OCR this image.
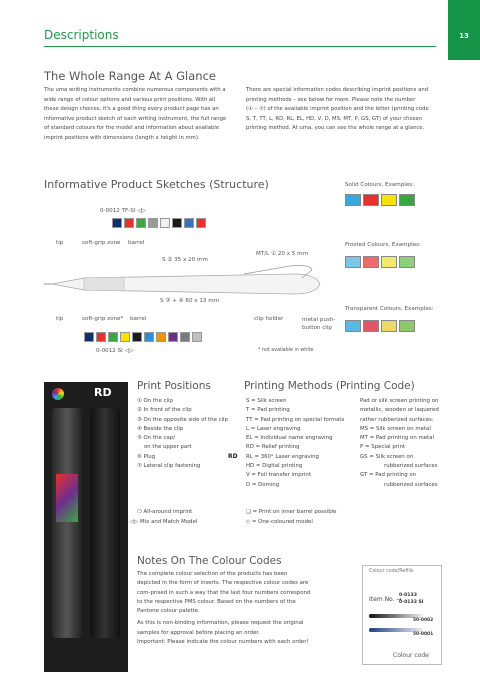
13
Descriptions
The Whole Range At A Glance
The uma writing instruments combine numerous components with a
wide range of colour options and various print positions. With all
these design choices, it's a good thing every product page has an
informative product sketch of each writing instrument, the full range
of standard colours for the model and information about available
imprint positions with dimensions (length x height in mm).
There are special information codes describing imprint positions and
printing methods – see below for more. Please note the number
(① – ⑦) of the available imprint position and the letter (printing code
S, T, TT, L, RD, RL, EL, HD, V, D, MS, MT, P, GS, GT) of your chosen
printing method. At uma, you can see the whole range at a glance.
Informative Product Sketches (Structure)
0-0012 TF-SI ◁▷
tip	soft-grip zone barrel
MT/L ① 20 x 5 mm
S ② 35 x 20 mm
S ③ + ④ 60 x 13 mm
tip	soft-grip zone* barrel	clip holder	metal push-
button clip
0-0012 SI ◁▷	* not available in white
Solid Colours, Examples:
Frosted Colours, Examples:
Transparent Colours, Examples:
RD Print Positions
① On the clip
② In front of the clip
③ On the opposite side of the clip
④ Beside the clip
⑤ On the cap/
on the upper part
⑥ Plug
⑦ Lateral clip fastening
❍ All-around imprint
◁▷ Mix and Match Model
Printing Methods (Printing Code)
S = Silk screen
T = Pad printing
TT = Pad printing on special formats
L = Laser engraving
EL = Individual name engraving
RD = Relief printing
RL = 360° Laser engraving
HD = Digital printing
V = Foil transfer imprint
D = Doming
RD
Pad or silk screen printing on
metallic, wooden or laquered
rather rubberized surfaces:
MS = Silk screen on metal
MT = Pad printing on metal
P = Special print
GS = Silk screen on
rubberized surfaces
GT = Pad printing on
rubberized surfaces
❑ = Print on inner barrel possible
◇ = One-coloured model
Notes On The Colour Codes
The complete colour selection of the products has been
depicted in the form of inserts. The respective colour codes are
com-prised in such a way that the last four numbers correspond
to the respective PMS colour. Based on the numbers of the
Pantone colour palette.
As this is non-binding information, please request the original
samples for approval before placing an order.
Important: Please indicate the colour numbers with each order!
Colour code/Refills
Item No. →
0-0133
0-0133 SI
50-0002
50-0001
Colour code
